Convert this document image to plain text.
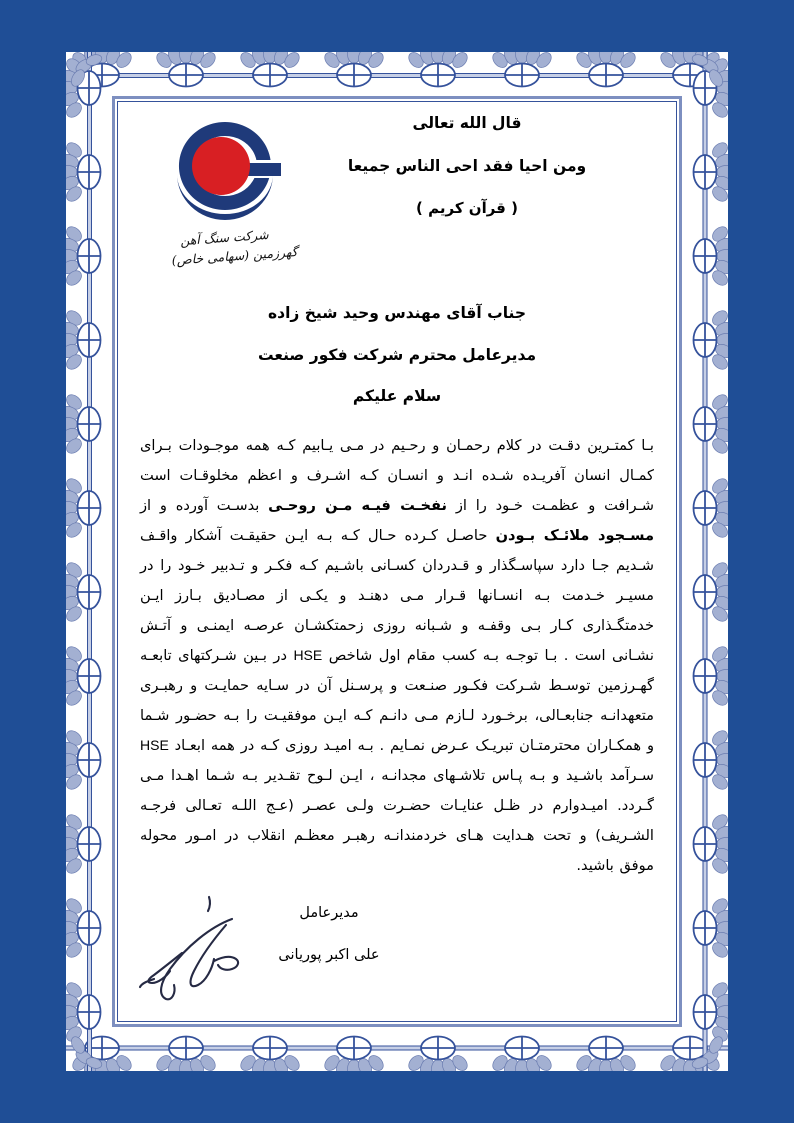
شرکت سنگ آهن
گهرزمین (سهامی خاص)
قال الله تعالی
ومن احیا فقد احی الناس جمیعا
( قرآن کریم )
جناب آقای مهندس وحید شیخ زاده
مدیرعامل محترم شرکت فکور صنعت
سلام علیکم

بـا کمتـرین دقـت در کلام رحمـان و رحـیم در مـی یـابیم کـه همه موجـودات بـرای کمـال انسان آفریـده شـده انـد و انسـان کـه اشـرف و اعظم مخلوقـات است شـرافت و عظمـت خـود را از نفخـت فیـه مـن روحـی بدسـت آورده و از مسـجود ملائـک بـودن حاصـل کـرده حـال کـه بـه ایـن حقیقـت آشکار واقـف شـدیم جـا دارد سپاسـگذار و قـدردان کسـانی باشـیم کـه فکـر و تـدبیر خـود را در مسیـر خـدمت بـه انسـانها قـرار مـی دهنـد و یکـی از مصـادیق بـارز ایـن خدمتگـذاری کـار بـی وقفـه و شـبانه روزی زحمتکشـان عرصـه ایمنـی و آتـش نشـانی است . بـا توجـه بـه کسب مقام اول شاخص HSE در بـین شـرکتهای تابعـه گهـرزمین توسـط شـرکت فکـور صنـعت و پرسـنل آن در سـایه حمایـت و رهبـری متعهدانـه جنابعـالی، برخـورد لـازم مـی دانـم کـه ایـن موفقیـت را بـه حضـور شـما و همکـاران محترمتـان تبریـک عـرض نمـایم . بـه امیـد روزی کـه در همه ابعـاد HSE سـرآمد باشـید و بـه پـاس تلاشـهای مجدانـه ، ایـن لـوح تقـدیر بـه شـما اهـدا مـی گـردد. امیـدوارم در ظـل عنایـات حضـرت ولـی عصـر (عـج اللـه تعـالی فرجـه الشـریف) و تحت هـدایت هـای خردمندانـه رهبـر معظـم انقلاب در امـور محوله موفق باشید.

مدیرعامل
علی اکبر پوریانی
